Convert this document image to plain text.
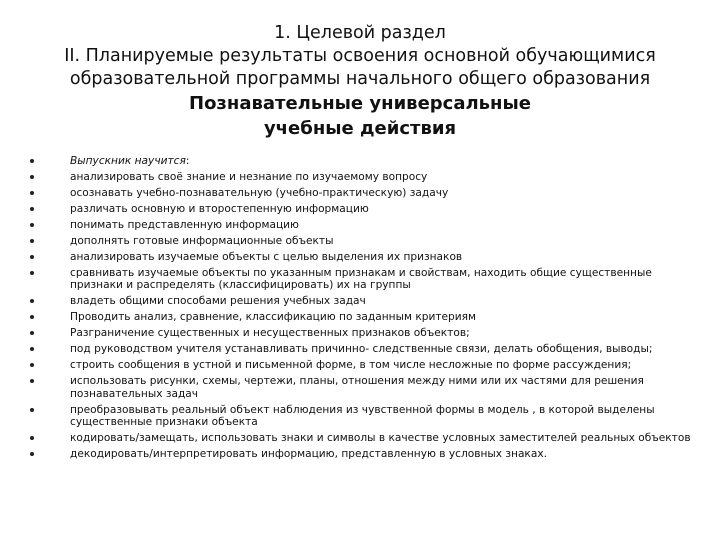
1. Целевой раздел
II. Планируемые результаты освоения основной обучающимися
образовательной программы начального общего образования
Познавательные универсальные
учебные действия
Выпускник научится:
анализировать своё знание и незнание по изучаемому вопросу
осознавать учебно-познавательную (учебно-практическую) задачу
различать основную и второстепенную информацию
понимать представленную информацию
дополнять готовые информационные объекты
анализировать изучаемые объекты с целью выделения их признаков
сравнивать изучаемые объекты по указанным признакам и свойствам, находить общие существенные признаки и распределять (классифицировать) их на группы
владеть общими способами решения учебных задач
Проводить анализ, сравнение, классификацию по заданным критериям
Разграничение существенных и несущественных признаков объектов;
под руководством учителя устанавливать причинно- следственные связи, делать обобщения, выводы;
строить сообщения в устной и письменной форме, в том числе несложные по форме рассуждения;
использовать рисунки, схемы, чертежи, планы, отношения между ними или их частями для решения познавательных задач
преобразовывать реальный объект наблюдения из чувственной формы в модель , в которой выделены существенные признаки объекта
кодировать/замещать, использовать знаки и символы в качестве условных заместителей реальных объектов
декодировать/интерпретировать информацию, представленную в условных знаках.
